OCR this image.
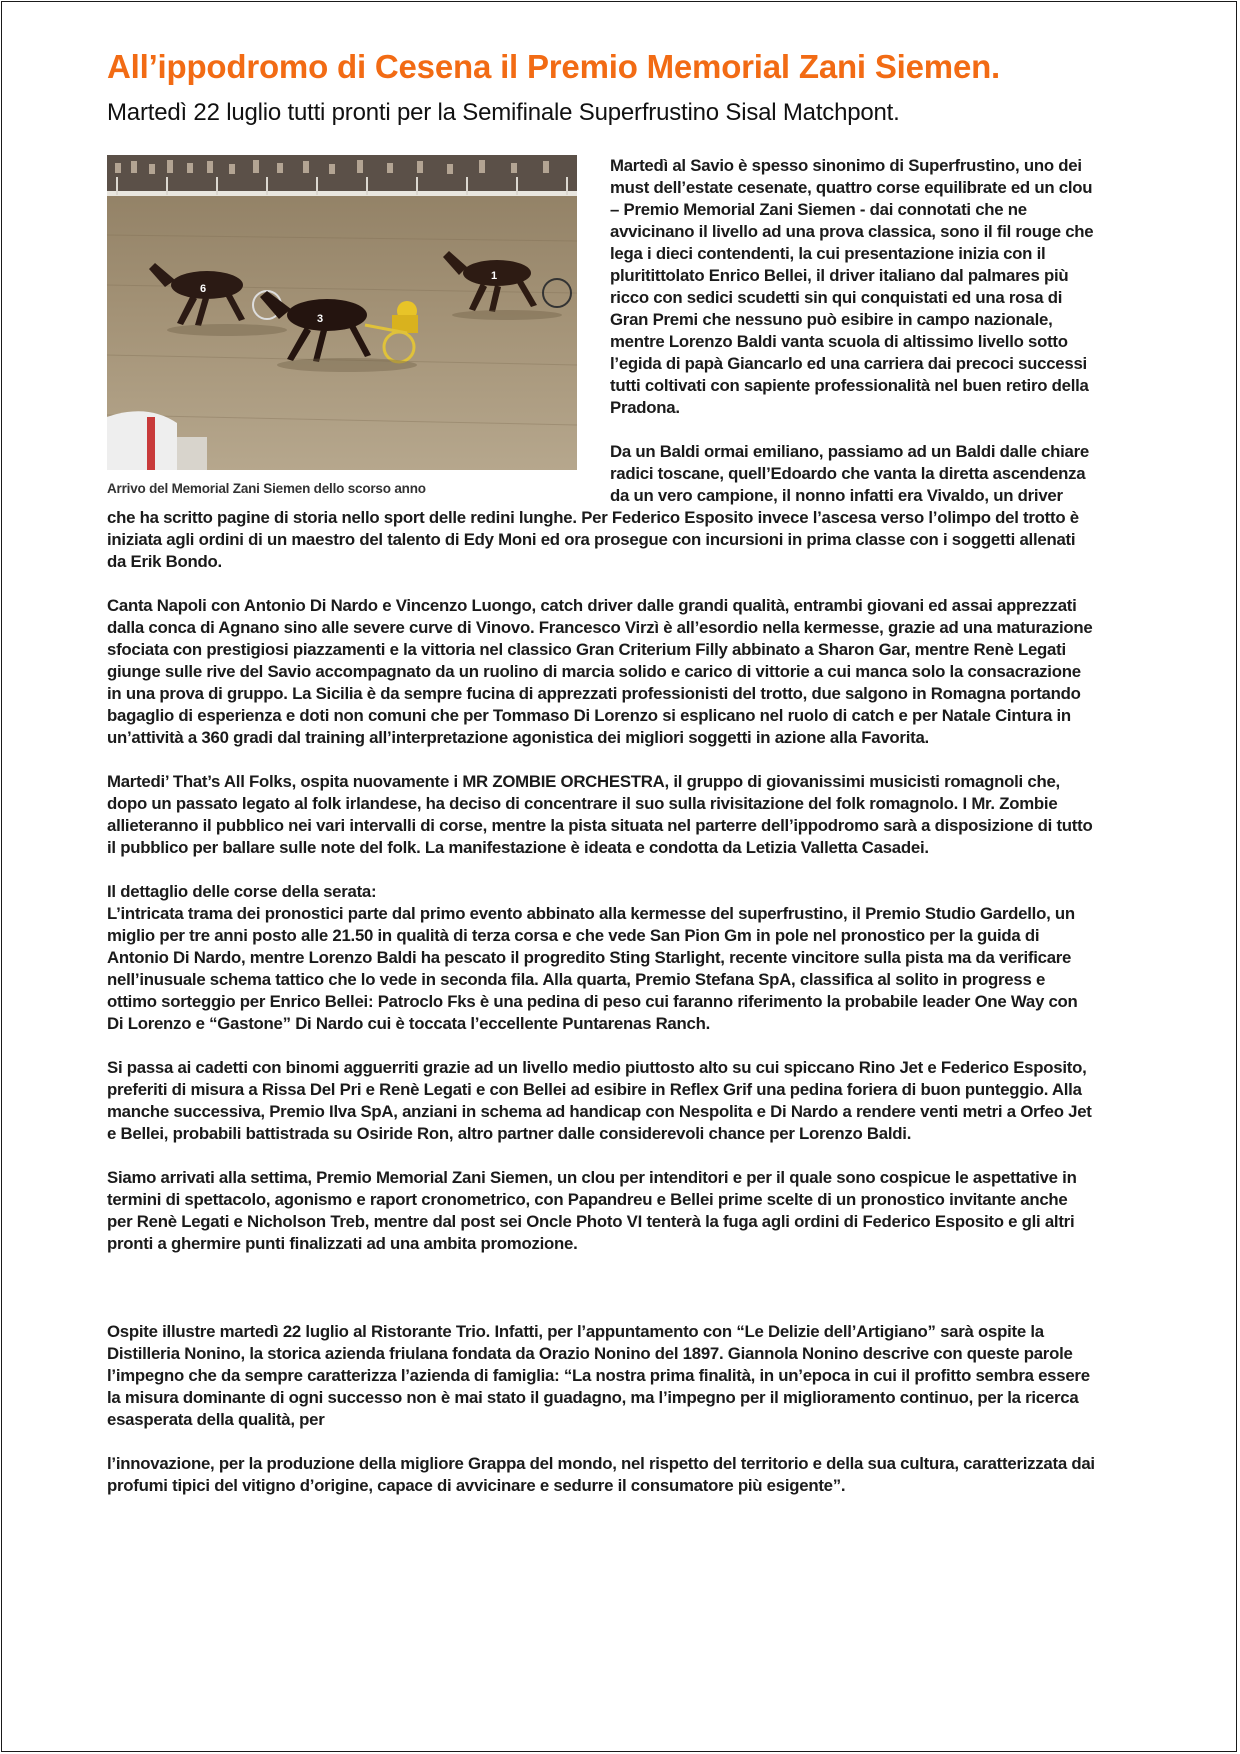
All’ippodromo di Cesena il Premio Memorial Zani Siemen.
Martedì 22 luglio tutti pronti per la Semifinale Superfrustino Sisal Matchpont.
6
3
1
Arrivo del Memorial Zani Siemen dello scorso anno

Martedì al Savio è spesso sinonimo di Superfrustino, uno dei must dell’estate cesenate, quattro corse equilibrate ed un clou – Premio Memorial Zani Siemen - dai connotati che ne avvicinano il livello ad una prova classica, sono il fil rouge che lega i dieci contendenti, la cui presentazione inizia con il pluritittolato Enrico Bellei, il driver italiano dal palmares più ricco con sedici scudetti sin qui conquistati ed una rosa di Gran Premi che nessuno può esibire in campo nazionale, mentre Lorenzo Baldi vanta scuola di altissimo livello sotto l’egida di papà Giancarlo ed una carriera dai precoci successi tutti coltivati con sapiente professionalità nel buen retiro della Pradona.

Da un Baldi ormai emiliano, passiamo ad un Baldi dalle chiare radici toscane, quell’Edoardo che vanta la diretta ascendenza da un vero campione, il nonno infatti era Vivaldo, un driver che ha scritto pagine di storia nello sport delle redini lunghe. Per Federico Esposito invece l’ascesa verso l’olimpo del trotto è iniziata agli ordini di un maestro del talento di Edy Moni ed ora prosegue con incursioni in prima classe con i soggetti allenati da Erik Bondo.

Canta Napoli con Antonio Di Nardo e Vincenzo Luongo, catch driver dalle grandi qualità, entrambi giovani ed assai apprezzati dalla conca di Agnano sino alle severe curve di Vinovo. Francesco Virzì è all’esordio nella kermesse, grazie ad una maturazione sfociata con prestigiosi piazzamenti e la vittoria nel classico Gran Criterium Filly abbinato a Sharon Gar, mentre Renè Legati giunge sulle rive del Savio accompagnato da un ruolino di marcia solido e carico di vittorie a cui manca solo la consacrazione in una prova di gruppo. La Sicilia è da sempre fucina di apprezzati professionisti del trotto, due salgono in Romagna portando bagaglio di esperienza e doti non comuni che per Tommaso Di Lorenzo si esplicano nel ruolo di catch e per Natale Cintura in un’attività a 360 gradi dal training all’interpretazione agonistica dei migliori soggetti in azione alla Favorita.

Martedi’ That’s All Folks, ospita nuovamente i MR ZOMBIE ORCHESTRA, il gruppo di giovanissimi musicisti romagnoli che, dopo un passato legato al folk irlandese, ha deciso di concentrare il suo sulla rivisitazione del folk romagnolo. I Mr. Zombie allieteranno il pubblico nei vari intervalli di corse, mentre la pista situata nel parterre dell’ippodromo sarà a disposizione di tutto il pubblico per ballare sulle note del folk. La manifestazione è ideata e condotta da Letizia Valletta Casadei.

Il dettaglio delle corse della serata:

L’intricata trama dei pronostici parte dal primo evento abbinato alla kermesse del superfrustino, il Premio Studio Gardello, un miglio per tre anni posto alle 21.50 in qualità di terza corsa e che vede San Pion Gm in pole nel pronostico per la guida di Antonio Di Nardo, mentre Lorenzo Baldi ha pescato il progredito Sting Starlight, recente vincitore sulla pista ma da verificare nell’inusuale schema tattico che lo vede in seconda fila. Alla quarta, Premio Stefana SpA, classifica al solito in progress e ottimo sorteggio per Enrico Bellei: Patroclo Fks è una pedina di peso cui faranno riferimento la probabile leader One Way con Di Lorenzo e “Gastone” Di Nardo cui è toccata l’eccellente Puntarenas Ranch.

Si passa ai cadetti con binomi agguerriti grazie ad un livello medio piuttosto alto su cui spiccano Rino Jet e Federico Esposito, preferiti di misura a Rissa Del Pri e Renè Legati e con Bellei ad esibire in Reflex Grif una pedina foriera di buon punteggio. Alla manche successiva, Premio Ilva SpA, anziani in schema ad handicap con Nespolita e Di Nardo a rendere venti metri a Orfeo Jet e Bellei, probabili battistrada su Osiride Ron, altro partner dalle considerevoli chance per Lorenzo Baldi.

Siamo arrivati alla settima, Premio Memorial Zani Siemen, un clou per intenditori e per il quale sono cospicue le aspettative in termini di spettacolo, agonismo e raport cronometrico, con Papandreu e Bellei prime scelte di un pronostico invitante anche per Renè Legati e Nicholson Treb, mentre dal post sei Oncle Photo VI tenterà la fuga agli ordini di Federico Esposito e gli altri pronti a ghermire punti finalizzati ad una ambita promozione.

Ospite illustre martedì 22 luglio al Ristorante Trio. Infatti, per l’appuntamento con “Le Delizie dell’Artigiano” sarà ospite la Distilleria Nonino, la storica azienda friulana fondata da Orazio Nonino del 1897. Giannola Nonino descrive con queste parole l’impegno che da sempre caratterizza l’azienda di famiglia: “La nostra prima finalità, in un’epoca in cui il profitto sembra essere la misura dominante di ogni successo non è mai stato il guadagno, ma l’impegno per il miglioramento continuo, per la ricerca esasperata della qualità, per

l’innovazione, per la produzione della migliore Grappa del mondo, nel rispetto del territorio e della sua cultura, caratterizzata dai profumi tipici del vitigno d’origine, capace di avvicinare e sedurre il consumatore più esigente”.
